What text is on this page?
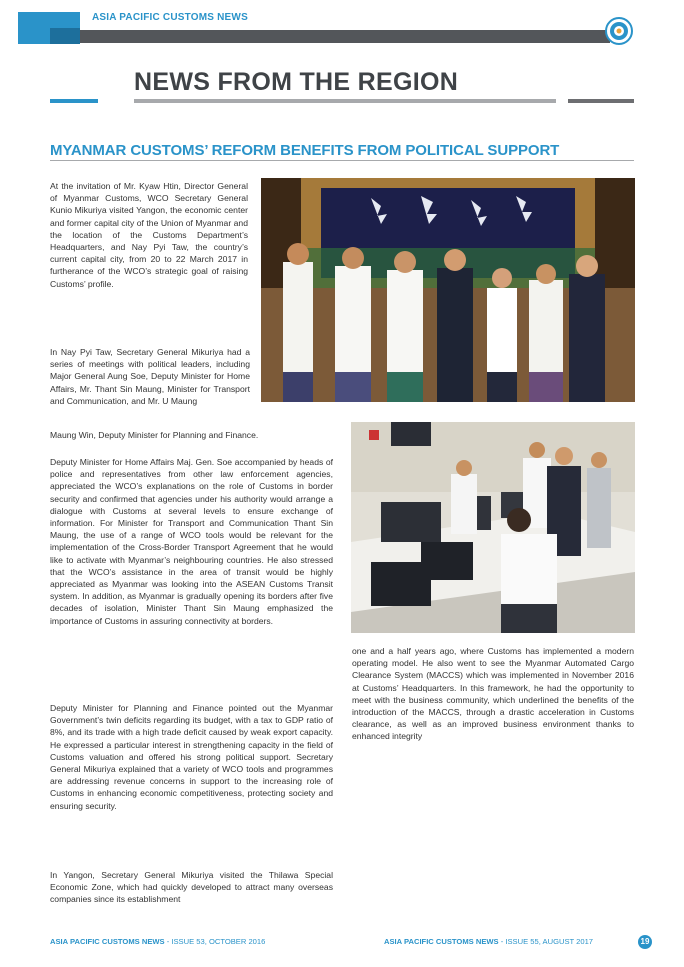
ASIA PACIFIC CUSTOMS NEWS
NEWS FROM THE REGION
MYANMAR CUSTOMS’ REFORM BENEFITS FROM POLITICAL SUPPORT
At the invitation of Mr. Kyaw Htin, Director General of Myanmar Customs, WCO Secretary General Kunio Mikuriya visited Yangon, the economic center and former capital city of the Union of Myanmar and the location of the Customs Department’s Headquarters, and Nay Pyi Taw, the country’s current capital city, from 20 to 22 March 2017 in furtherance of the WCO’s strategic goal of raising Customs’ profile.
In Nay Pyi Taw, Secretary General Mikuriya had a series of meetings with political leaders, including Major General Aung Soe, Deputy Minister for Home Affairs, Mr. Thant Sin Maung, Minister for Transport and Communication, and Mr. U Maung
Maung Win, Deputy Minister for Planning and Finance.
Deputy Minister for Home Affairs Maj. Gen. Soe accompanied by heads of police and representatives from other law enforcement agencies, appreciated the WCO’s explanations on the role of Customs in border security and confirmed that agencies under his authority would arrange a dialogue with Customs at several levels to ensure exchange of information. For Minister for Transport and Communication Thant Sin Maung, the use of a range of WCO tools would be relevant for the implementation of the Cross-Border Transport Agreement that he would like to activate with Myanmar’s neighbouring countries. He also stressed that the WCO’s assistance in the area of transit would be highly appreciated as Myanmar was looking into the ASEAN Customs Transit system. In addition, as Myanmar is gradually opening its borders after five decades of isolation, Minister Thant Sin Maung emphasized the importance of Customs in assuring connectivity at borders.
Deputy Minister for Planning and Finance pointed out the Myanmar Government’s twin deficits regarding its budget, with a tax to GDP ratio of 8%, and its trade with a high trade deficit caused by weak export capacity. He expressed a particular interest in strengthening capacity in the field of Customs valuation and offered his strong political support. Secretary General Mikuriya explained that a variety of WCO tools and programmes are addressing revenue concerns in support to the increasing role of Customs in enhancing economic competitiveness, protecting society and ensuring security.
In Yangon, Secretary General Mikuriya visited the Thilawa Special Economic Zone, which had quickly developed to attract many overseas companies since its establishment
one and a half years ago, where Customs has implemented a modern operating model. He also went to see the Myanmar Automated Cargo Clearance System (MACCS) which was implemented in November 2016 at Customs’ Headquarters. In this framework, he had the opportunity to meet with the business community, which underlined the benefits of the introduction of the MACCS, through a drastic acceleration in Customs clearance, as well as an improved business environment thanks to enhanced integrity
ASIA PACIFIC CUSTOMS NEWS - ISSUE 53, OCTOBER 2016	ASIA PACIFIC CUSTOMS NEWS - ISSUE 55, AUGUST 2017	19
